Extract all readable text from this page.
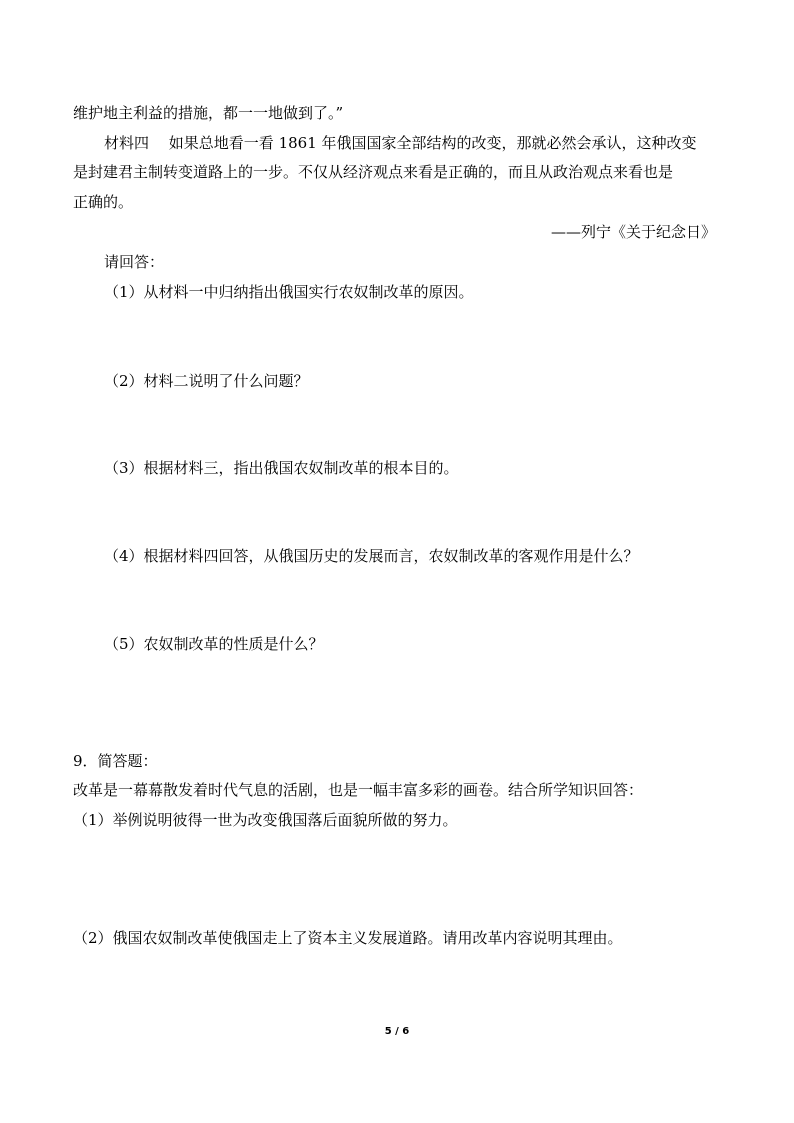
维护地主利益的措施，都一一地做到了。”
材料四　 如果总地看一看 1861 年俄国国家全部结构的改变，那就必然会承认，这种改变
是封建君主制转变道路上的一步。不仅从经济观点来看是正确的，而且从政治观点来看也是
正确的。
——列宁《关于纪念日》
请回答：
（1）从材料一中归纳指出俄国实行农奴制改革的原因。
（2）材料二说明了什么问题？
（3）根据材料三，指出俄国农奴制改革的根本目的。
（4）根据材料四回答，从俄国历史的发展而言，农奴制改革的客观作用是什么？
（5）农奴制改革的性质是什么？
9．简答题：
改革是一幕幕散发着时代气息的活剧，也是一幅丰富多彩的画卷。结合所学知识回答：
（1）举例说明彼得一世为改变俄国落后面貌所做的努力。
（2）俄国农奴制改革使俄国走上了资本主义发展道路。请用改革内容说明其理由。
5 / 6
